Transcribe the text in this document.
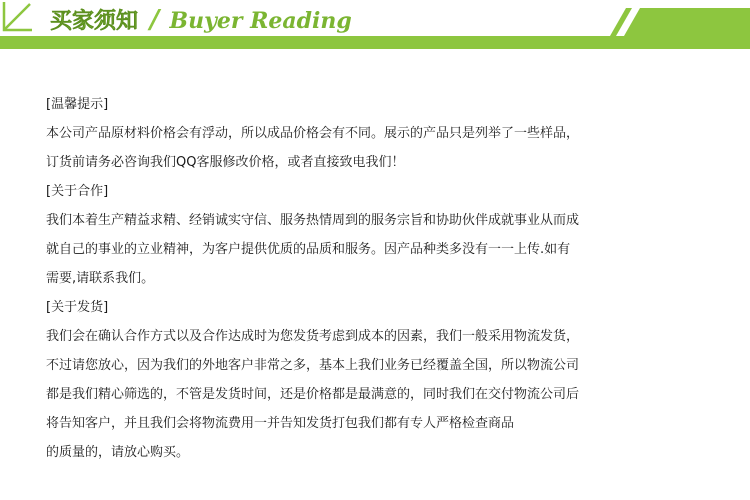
买家须知 / Buyer Reading

[温馨提示]

本公司产品原材料价格会有浮动，所以成品价格会有不同。展示的产品只是列举了一些样品，

订货前请务必咨询我们QQ客服修改价格，或者直接致电我们！

[关于合作]

我们本着生产精益求精、经销诚实守信、服务热情周到的服务宗旨和协助伙伴成就事业从而成

就自己的事业的立业精神，为客户提供优质的品质和服务。因产品种类多没有一一上传.如有

需要,请联系我们。

[关于发货]

我们会在确认合作方式以及合作达成时为您发货考虑到成本的因素，我们一般采用物流发货，

不过请您放心，因为我们的外地客户非常之多，基本上我们业务已经覆盖全国，所以物流公司

都是我们精心筛选的，不管是发货时间，还是价格都是最满意的，同时我们在交付物流公司后

将告知客户，并且我们会将物流费用一并告知发货打包我们都有专人严格检查商品

的质量的，请放心购买。
